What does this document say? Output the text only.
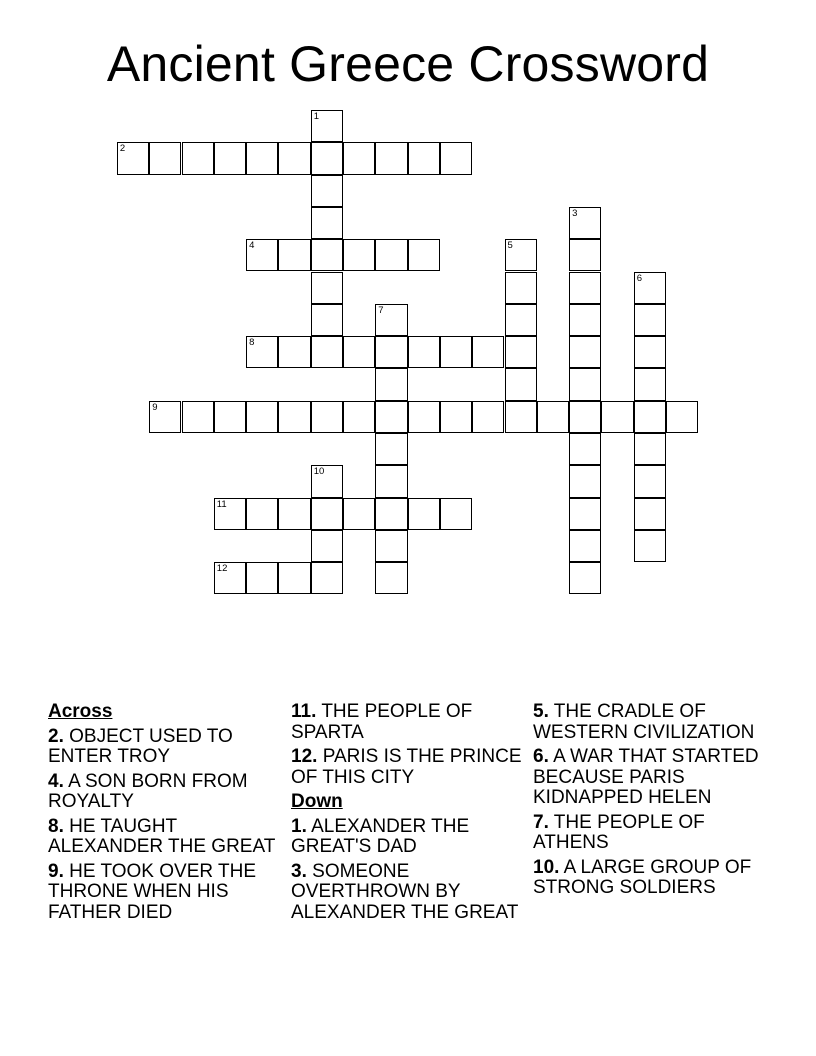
Ancient Greece Crossword
1
2
3
4	5
6
7
8
9
10
11
12
Across
2. OBJECT USED TO ENTER TROY
4. A SON BORN FROM ROYALTY
8. HE TAUGHT ALEXANDER THE GREAT
9. HE TOOK OVER THE THRONE WHEN HIS FATHER DIED
11. THE PEOPLE OF SPARTA
12. PARIS IS THE PRINCE OF THIS CITY
Down
1. ALEXANDER THE GREAT'S DAD
3. SOMEONE OVERTHROWN BY ALEXANDER THE GREAT
5. THE CRADLE OF WESTERN CIVILIZATION
6. A WAR THAT STARTED BECAUSE PARIS KIDNAPPED HELEN
7. THE PEOPLE OF ATHENS
10. A LARGE GROUP OF STRONG SOLDIERS
